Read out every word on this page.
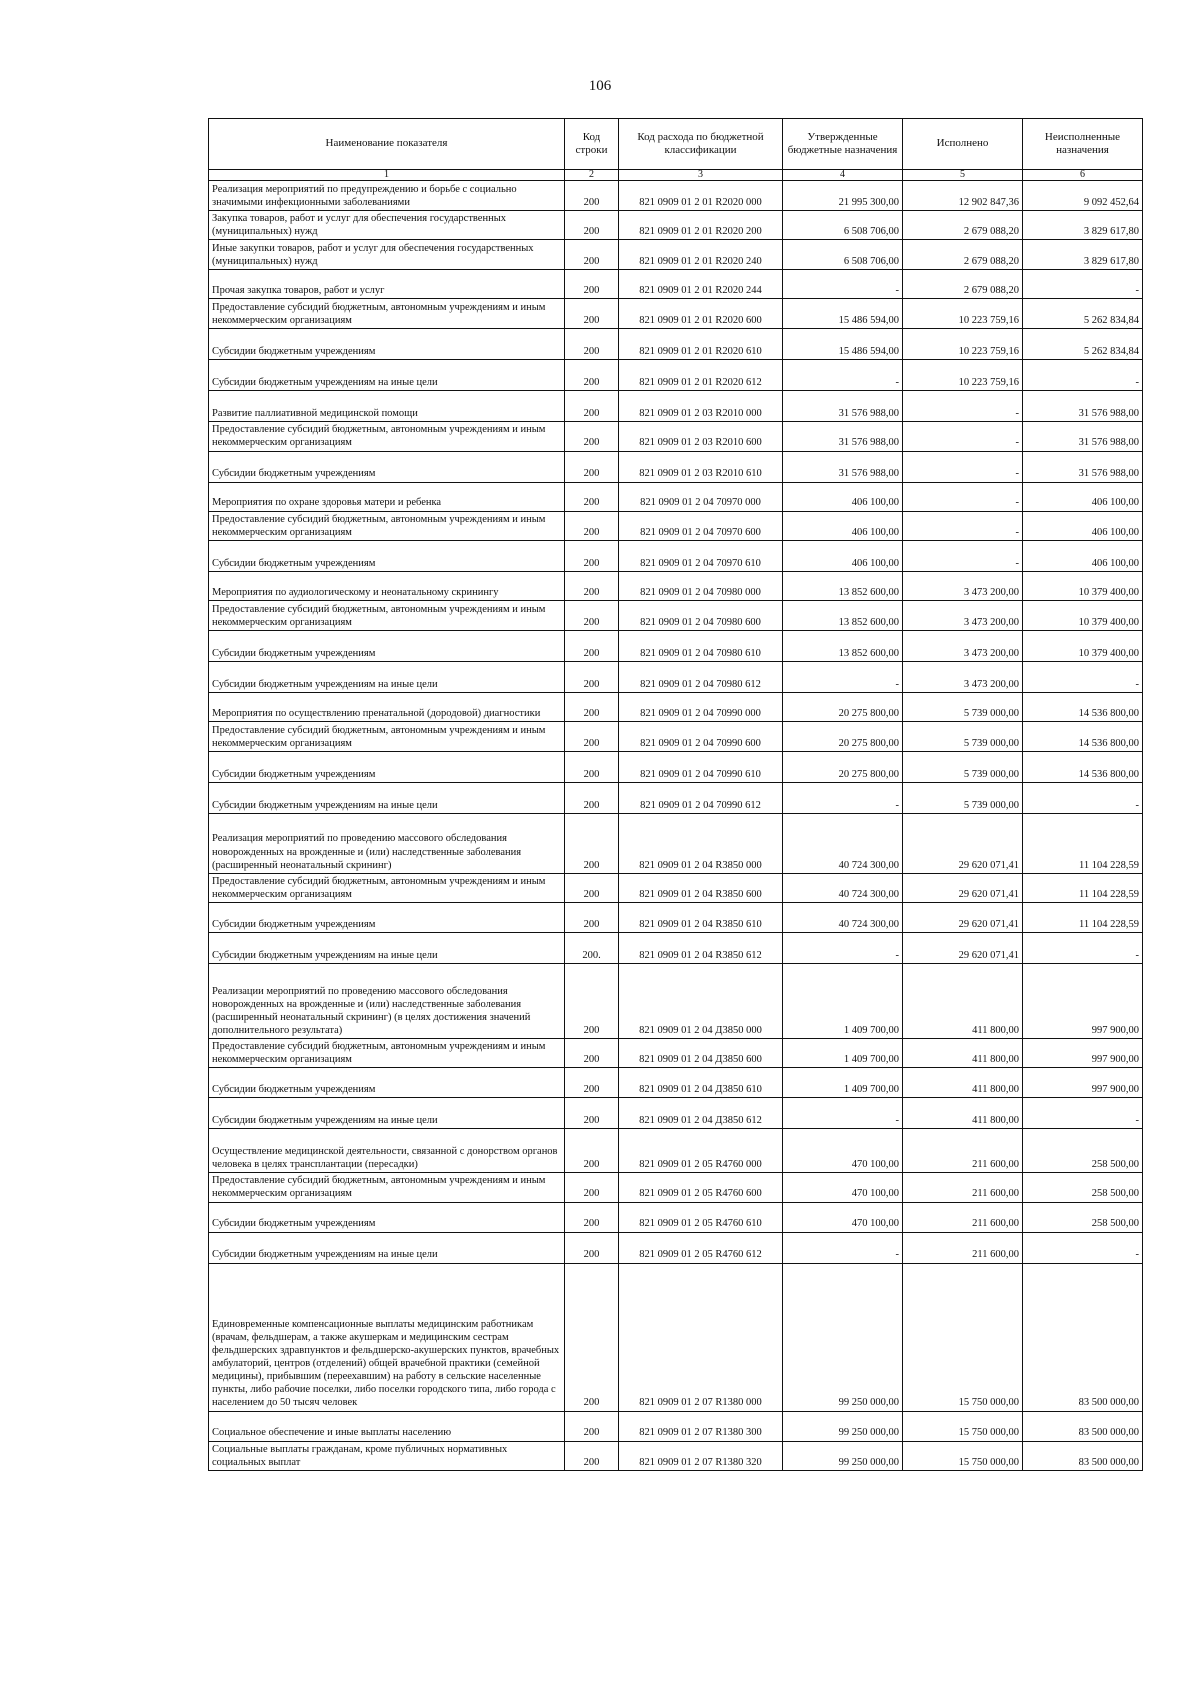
106
Наименование показателя	Код строки	Код расхода по бюджетной классификации	Утвержденные бюджетные назначения	Исполнено	Неисполненные назначения
1	2	3	4	5	6
Реализация мероприятий по предупреждению и борьбе с социально значимыми инфекционными заболеваниями	200	821 0909 01 2 01 R2020 000	21 995 300,00	12 902 847,36	9 092 452,64
Закупка товаров, работ и услуг для обеспечения государственных (муниципальных) нужд	200	821 0909 01 2 01 R2020 200	6 508 706,00	2 679 088,20	3 829 617,80
Иные закупки товаров, работ и услуг для обеспечения государственных (муниципальных) нужд	200	821 0909 01 2 01 R2020 240	6 508 706,00	2 679 088,20	3 829 617,80
Прочая закупка товаров, работ и услуг	200	821 0909 01 2 01 R2020 244	-	2 679 088,20	-
Предоставление субсидий бюджетным, автономным учреждениям и иным некоммерческим организациям	200	821 0909 01 2 01 R2020 600	15 486 594,00	10 223 759,16	5 262 834,84
Субсидии бюджетным учреждениям	200	821 0909 01 2 01 R2020 610	15 486 594,00	10 223 759,16	5 262 834,84
Субсидии бюджетным учреждениям на иные цели	200	821 0909 01 2 01 R2020 612	-	10 223 759,16	-
Развитие паллиативной медицинской помощи	200	821 0909 01 2 03 R2010 000	31 576 988,00	-	31 576 988,00
Предоставление субсидий бюджетным, автономным учреждениям и иным некоммерческим организациям	200	821 0909 01 2 03 R2010 600	31 576 988,00	-	31 576 988,00
Субсидии бюджетным учреждениям	200	821 0909 01 2 03 R2010 610	31 576 988,00	-	31 576 988,00
Мероприятия по охране здоровья матери и ребенка	200	821 0909 01 2 04 70970 000	406 100,00	-	406 100,00
Предоставление субсидий бюджетным, автономным учреждениям и иным некоммерческим организациям	200	821 0909 01 2 04 70970 600	406 100,00	-	406 100,00
Субсидии бюджетным учреждениям	200	821 0909 01 2 04 70970 610	406 100,00	-	406 100,00
Мероприятия по аудиологическому и неонатальному скринингу	200	821 0909 01 2 04 70980 000	13 852 600,00	3 473 200,00	10 379 400,00
Предоставление субсидий бюджетным, автономным учреждениям и иным некоммерческим организациям	200	821 0909 01 2 04 70980 600	13 852 600,00	3 473 200,00	10 379 400,00
Субсидии бюджетным учреждениям	200	821 0909 01 2 04 70980 610	13 852 600,00	3 473 200,00	10 379 400,00
Субсидии бюджетным учреждениям на иные цели	200	821 0909 01 2 04 70980 612	-	3 473 200,00	-
Мероприятия по осуществлению пренатальной (дородовой) диагностики	200	821 0909 01 2 04 70990 000	20 275 800,00	5 739 000,00	14 536 800,00
Предоставление субсидий бюджетным, автономным учреждениям и иным некоммерческим организациям	200	821 0909 01 2 04 70990 600	20 275 800,00	5 739 000,00	14 536 800,00
Субсидии бюджетным учреждениям	200	821 0909 01 2 04 70990 610	20 275 800,00	5 739 000,00	14 536 800,00
Субсидии бюджетным учреждениям на иные цели	200	821 0909 01 2 04 70990 612	-	5 739 000,00	-
Реализация мероприятий по проведению массового обследования новорожденных на врожденные и (или) наследственные заболевания (расширенный неонатальный скрининг)	200	821 0909 01 2 04 R3850 000	40 724 300,00	29 620 071,41	11 104 228,59
Предоставление субсидий бюджетным, автономным учреждениям и иным некоммерческим организациям	200	821 0909 01 2 04 R3850 600	40 724 300,00	29 620 071,41	11 104 228,59
Субсидии бюджетным учреждениям	200	821 0909 01 2 04 R3850 610	40 724 300,00	29 620 071,41	11 104 228,59
Субсидии бюджетным учреждениям на иные цели	200.	821 0909 01 2 04 R3850 612	-	29 620 071,41	-
Реализации мероприятий по проведению массового обследования новорожденных на врожденные и (или) наследственные заболевания (расширенный неонатальный скрининг) (в целях достижения значений дополнительного результата)	200	821 0909 01 2 04 Д3850 000	1 409 700,00	411 800,00	997 900,00
Предоставление субсидий бюджетным, автономным учреждениям и иным некоммерческим организациям	200	821 0909 01 2 04 Д3850 600	1 409 700,00	411 800,00	997 900,00
Субсидии бюджетным учреждениям	200	821 0909 01 2 04 Д3850 610	1 409 700,00	411 800,00	997 900,00
Субсидии бюджетным учреждениям на иные цели	200	821 0909 01 2 04 Д3850 612	-	411 800,00	-
Осуществление медицинской деятельности, связанной с донорством органов человека в целях трансплантации (пересадки)	200	821 0909 01 2 05 R4760 000	470 100,00	211 600,00	258 500,00
Предоставление субсидий бюджетным, автономным учреждениям и иным некоммерческим организациям	200	821 0909 01 2 05 R4760 600	470 100,00	211 600,00	258 500,00
Субсидии бюджетным учреждениям	200	821 0909 01 2 05 R4760 610	470 100,00	211 600,00	258 500,00
Субсидии бюджетным учреждениям на иные цели	200	821 0909 01 2 05 R4760 612	-	211 600,00	-
Единовременные компенсационные выплаты медицинским работникам (врачам, фельдшерам, а также акушеркам и медицинским сестрам фельдшерских здравпунктов и фельдшерско-акушерских пунктов, врачебных амбулаторий, центров (отделений) общей врачебной практики (семейной медицины), прибывшим (переехавшим) на работу в сельские населенные пункты, либо рабочие поселки, либо поселки городского типа, либо города с населением до 50 тысяч человек	200	821 0909 01 2 07 R1380 000	99 250 000,00	15 750 000,00	83 500 000,00
Социальное обеспечение и иные выплаты населению	200	821 0909 01 2 07 R1380 300	99 250 000,00	15 750 000,00	83 500 000,00
Социальные выплаты гражданам, кроме публичных нормативных социальных выплат	200	821 0909 01 2 07 R1380 320	99 250 000,00	15 750 000,00	83 500 000,00
